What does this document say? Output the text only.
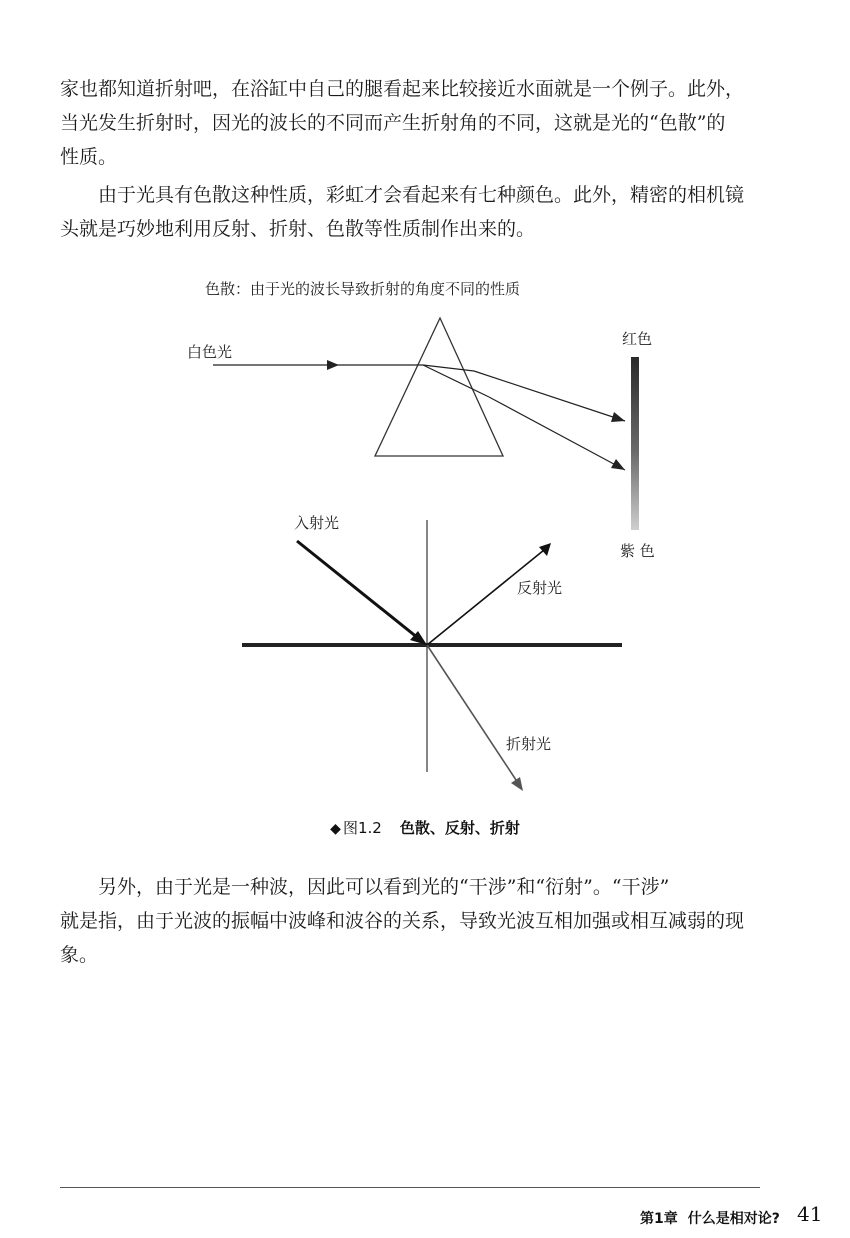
家也都知道折射吧，在浴缸中自己的腿看起来比较接近水面就是一个例子。此外，
当光发生折射时，因光的波长的不同而产生折射角的不同，这就是光的“色散”的
性质。

　　由于光具有色散这种性质，彩虹才会看起来有七种颜色。此外，精密的相机镜
头就是巧妙地利用反射、折射、色散等性质制作出来的。

色散：由于光的波长导致折射的角度不同的性质
白色光
红色
紫 色
入射光
反射光
折射光
◆ 图1.2 色散、反射、折射

　　另外，由于光是一种波，因此可以看到光的“干涉”和“衍射”。“干涉”
就是指，由于光波的振幅中波峰和波谷的关系，导致光波互相加强或相互减弱的现
象。

第1章 什么是相对论? 41
